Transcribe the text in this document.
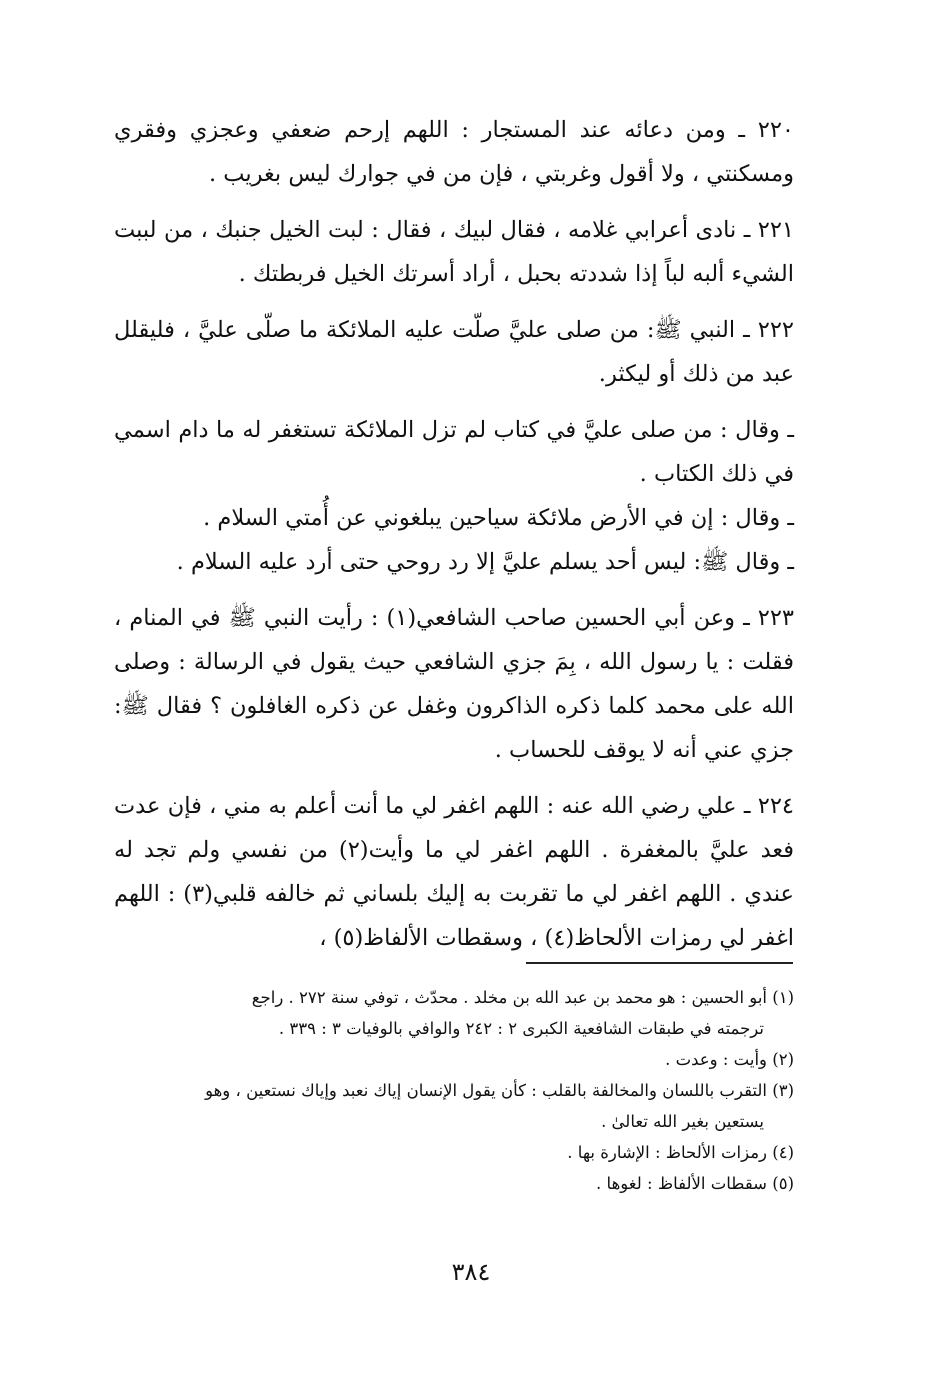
٢٢٠ ـ ومن دعائه عند المستجار : اللهم إرحم ضعفي وعجزي وفقري ومسكنتي ، ولا أقول وغربتي ، فإن من في جوارك ليس بغريب .

٢٢١ ـ نادى أعرابي غلامه ، فقال لبيك ، فقال : لبت الخيل جنبك ، من لببت الشيء ألبه لباً إذا شددته بحبل ، أراد أسرتك الخيل فربطتك .

٢٢٢ ـ النبي ﷺ: من صلى عليَّ صلّت عليه الملائكة ما صلّى عليَّ ، فليقلل عبد من ذلك أو ليكثر.

ـ وقال : من صلى عليَّ في كتاب لم تزل الملائكة تستغفر له ما دام اسمي في ذلك الكتاب .

ـ وقال : إن في الأرض ملائكة سياحين يبلغوني عن أُمتي السلام .

ـ وقال ﷺ: ليس أحد يسلم عليَّ إلا رد روحي حتى أرد عليه السلام .

٢٢٣ ـ وعن أبي الحسين صاحب الشافعي(١) : رأيت النبي ﷺ في المنام ، فقلت : يا رسول الله ، بِمَ جزي الشافعي حيث يقول في الرسالة : وصلى الله على محمد كلما ذكره الذاكرون وغفل عن ذكره الغافلون ؟ فقال ﷺ: جزي عني أنه لا يوقف للحساب .

٢٢٤ ـ علي رضي الله عنه : اللهم اغفر لي ما أنت أعلم به مني ، فإن عدت فعد عليَّ بالمغفرة . اللهم اغفر لي ما وأيت(٢) من نفسي ولم تجد له عندي . اللهم اغفر لي ما تقربت به إليك بلساني ثم خالفه قلبي(٣) : اللهم اغفر لي رمزات الألحاظ(٤) ، وسقطات الألفاظ(٥) ،

(١) أبو الحسين : هو محمد بن عبد الله بن مخلد . محدّث ، توفي سنة ٢٧٢ . راجع

ترجمته في طبقات الشافعية الكبرى ٢ : ٢٤٢ والوافي بالوفيات ٣ : ٣٣٩ .

(٢) وأيت : وعدت .

(٣) التقرب باللسان والمخالفة بالقلب : كأن يقول الإنسان إياك نعبد وإياك نستعين ، وهو

يستعين بغير الله تعالىٰ .

(٤) رمزات الألحاظ : الإشارة بها .

(٥) سقطات الألفاظ : لغوها .

٣٨٤
